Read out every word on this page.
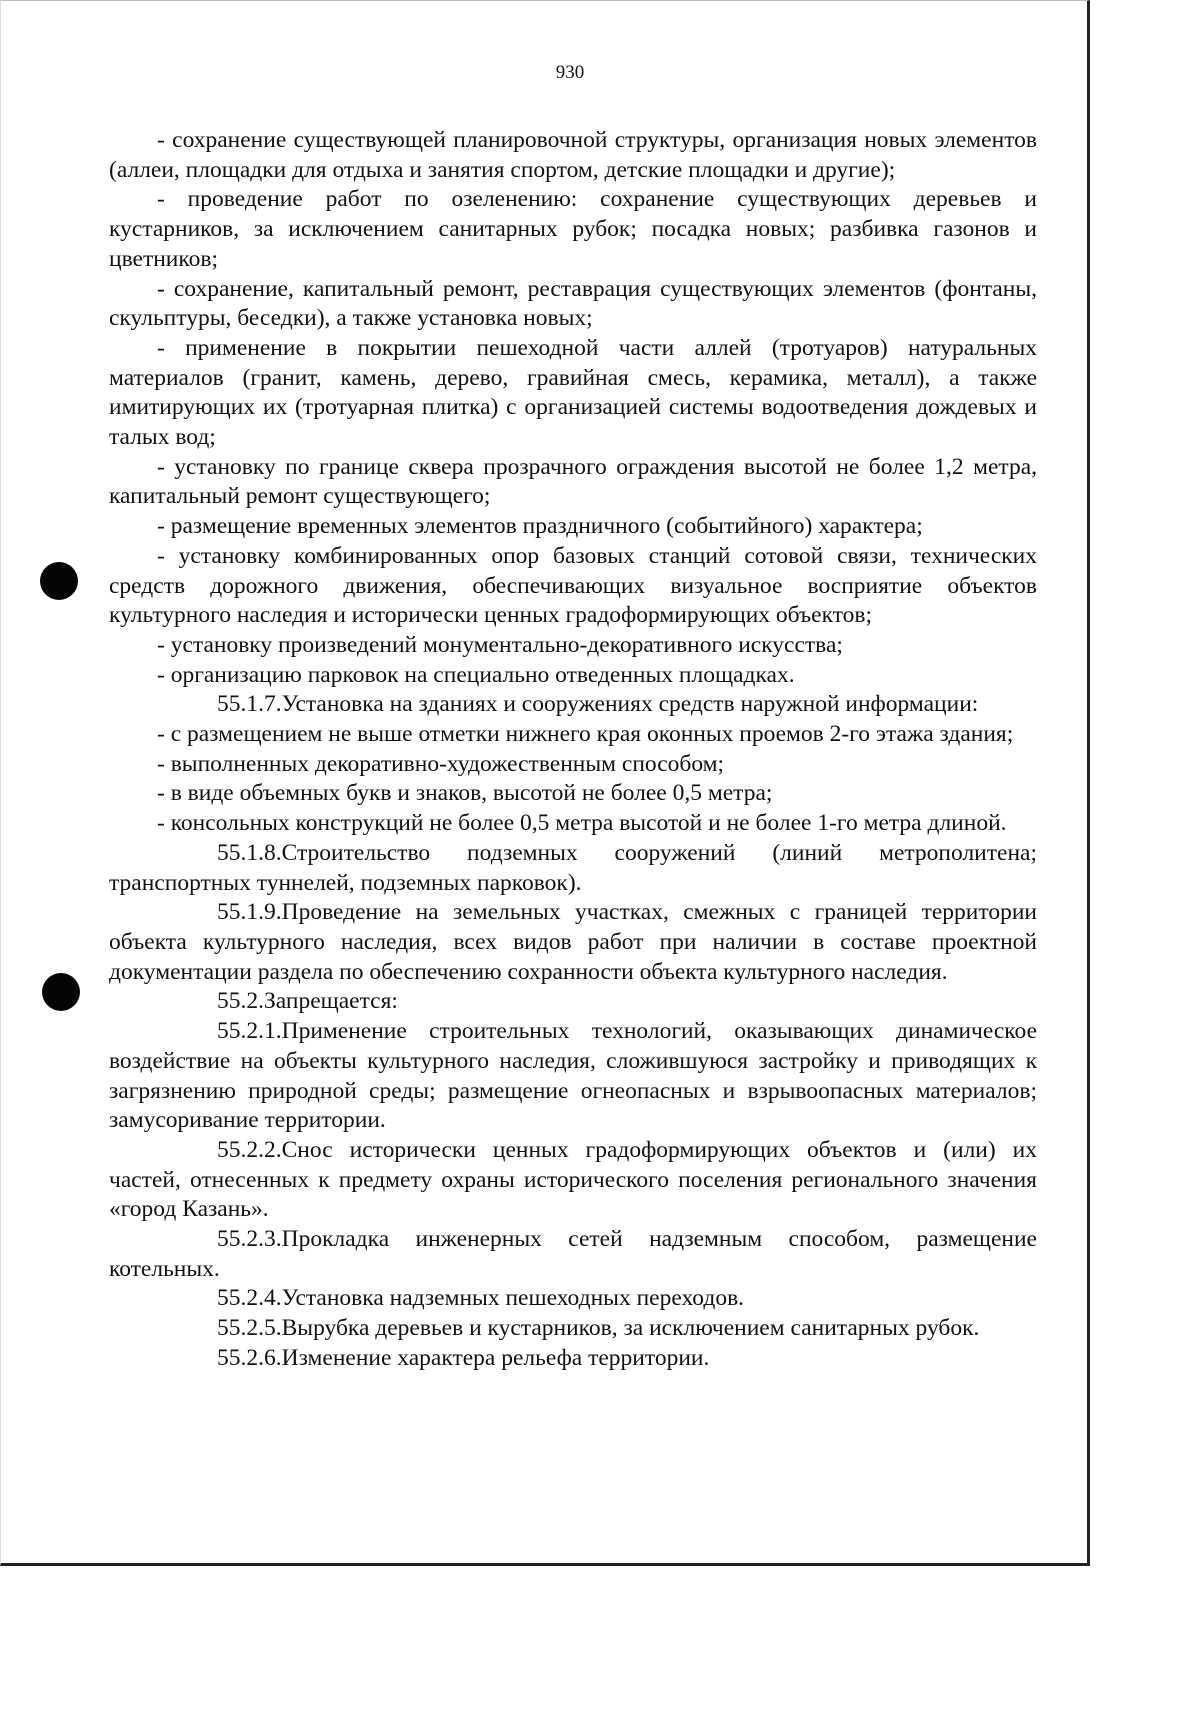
930

- сохранение существующей планировочной структуры, организация новых элементов (аллеи, площадки для отдыха и занятия спортом, детские площадки и другие);

- проведение работ по озеленению: сохранение существующих деревьев и кустарников, за исключением санитарных рубок; посадка новых; разбивка газонов и цветников;

- сохранение, капитальный ремонт, реставрация существующих элементов (фонтаны, скульптуры, беседки), а также установка новых;

- применение в покрытии пешеходной части аллей (тротуаров) натуральных материалов (гранит, камень, дерево, гравийная смесь, керамика, металл), а также имитирующих их (тротуарная плитка) с организацией системы водоотведения дождевых и талых вод;

- установку по границе сквера прозрачного ограждения высотой не более 1,2 метра, капитальный ремонт существующего;

- размещение временных элементов праздничного (событийного) характера;

- установку комбинированных опор базовых станций сотовой связи, технических средств дорожного движения, обеспечивающих визуальное восприятие объектов культурного наследия и исторически ценных градоформирующих объектов;

- установку произведений монументально-декоративного искусства;

- организацию парковок на специально отведенных площадках.

55.1.7.Установка на зданиях и сооружениях средств наружной информации:

- с размещением не выше отметки нижнего края оконных проемов 2-го этажа здания;

- выполненных декоративно-художественным способом;

- в виде объемных букв и знаков, высотой не более 0,5 метра;

- консольных конструкций не более 0,5 метра высотой и не более 1-го метра длиной.

55.1.8.Строительство подземных сооружений (линий метрополитена; транспортных туннелей, подземных парковок).

55.1.9.Проведение на земельных участках, смежных с границей территории объекта культурного наследия, всех видов работ при наличии в составе проектной документации раздела по обеспечению сохранности объекта культурного наследия.

55.2.Запрещается:

55.2.1.Применение строительных технологий, оказывающих динамическое воздействие на объекты культурного наследия, сложившуюся застройку и приводящих к загрязнению природной среды; размещение огнеопасных и взрывоопасных материалов; замусоривание территории.

55.2.2.Снос исторически ценных градоформирующих объектов и (или) их частей, отнесенных к предмету охраны исторического поселения регионального значения «город Казань».

55.2.3.Прокладка инженерных сетей надземным способом, размещение котельных.

55.2.4.Установка надземных пешеходных переходов.

55.2.5.Вырубка деревьев и кустарников, за исключением санитарных рубок.

55.2.6.Изменение характера рельефа территории.
